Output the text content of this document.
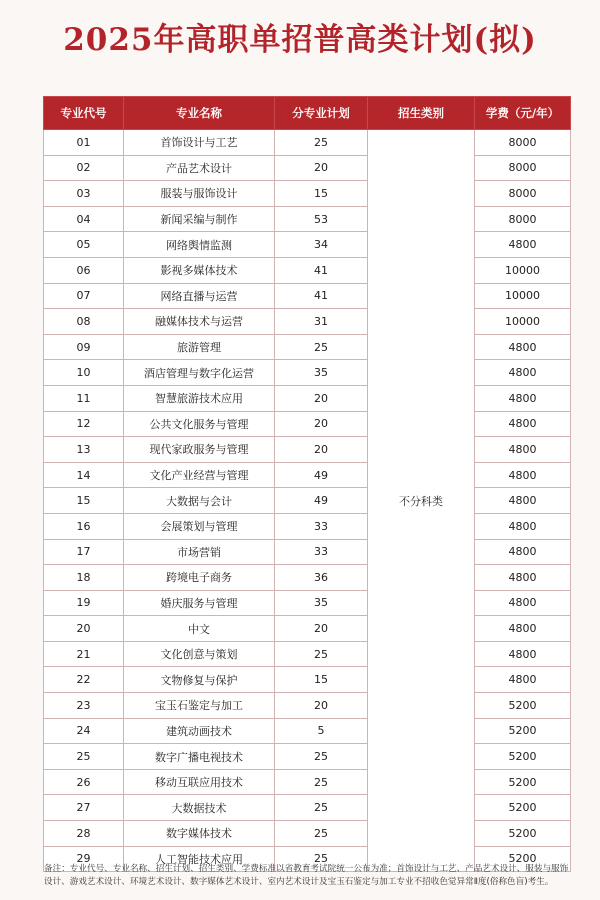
2025年高职单招普高类计划(拟)
专业代号	专业名称	分专业计划	招生类别	学费（元/年）
01	首饰设计与工艺	25	不分科类	8000
02	产品艺术设计	20		8000
03	服装与服饰设计	15		8000
04	新闻采编与制作	53		8000
05	网络舆情监测	34		4800
06	影视多媒体技术	41		10000
07	网络直播与运营	41		10000
08	融媒体技术与运营	31		10000
09	旅游管理	25		4800
10	酒店管理与数字化运营	35		4800
11	智慧旅游技术应用	20		4800
12	公共文化服务与管理	20		4800
13	现代家政服务与管理	20		4800
14	文化产业经营与管理	49		4800
15	大数据与会计	49		4800
16	会展策划与管理	33		4800
17	市场营销	33		4800
18	跨境电子商务	36		4800
19	婚庆服务与管理	35		4800
20	中文	20		4800
21	文化创意与策划	25		4800
22	文物修复与保护	15		4800
23	宝玉石鉴定与加工	20		5200
24	建筑动画技术	5		5200
25	数字广播电视技术	25		5200
26	移动互联应用技术	25		5200
27	大数据技术	25		5200
28	数字媒体技术	25		5200
29	人工智能技术应用	25		5200
备注：专业代号、专业名称、招生计划、招生类别、学费标准以省教育考试院统一公布为准；首饰设计与工艺、产品艺术设计、服装与服饰设计、游戏艺术设计、环境艺术设计、数字媒体艺术设计、室内艺术设计及宝玉石鉴定与加工专业不招收色觉异常Ⅱ度(俗称色盲)考生。
